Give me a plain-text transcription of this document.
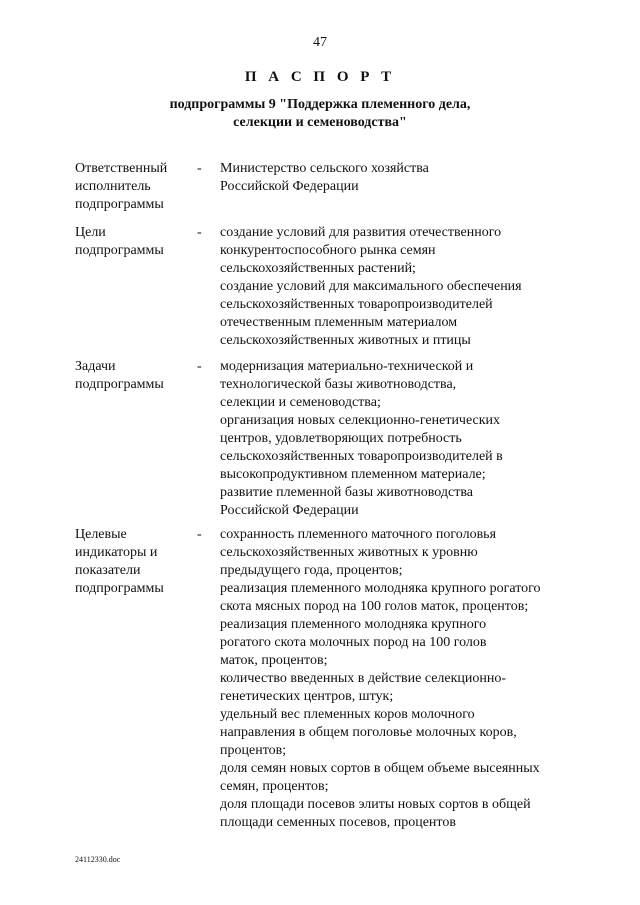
47
П А С П О Р Т
подпрограммы 9 "Поддержка племенного дела,
селекции и семеноводства"
Ответственный
исполнитель
подпрограммы
-	Министерство сельского хозяйства
Российской Федерации
Цели
подпрограммы
-	создание условий для развития отечественного
конкурентоспособного рынка семян
сельскохозяйственных растений;
создание условий для максимального обеспечения
сельскохозяйственных товаропроизводителей
отечественным племенным материалом
сельскохозяйственных животных и птицы
Задачи
подпрограммы
-	модернизация материально-технической и
технологической базы животноводства,
селекции и семеноводства;
организация новых селекционно-генетических
центров, удовлетворяющих потребность
сельскохозяйственных товаропроизводителей в
высокопродуктивном племенном материале;
развитие племенной базы животноводства
Российской Федерации
Целевые
индикаторы и
показатели
подпрограммы
-	сохранность племенного маточного поголовья
сельскохозяйственных животных к уровню
предыдущего года, процентов;
реализация племенного молодняка крупного рогатого
скота мясных пород на 100 голов маток, процентов;
реализация племенного молодняка крупного
рогатого скота молочных пород на 100 голов
маток, процентов;
количество введенных в действие селекционно-
генетических центров, штук;
удельный вес племенных коров молочного
направления в общем поголовье молочных коров,
процентов;
доля семян новых сортов в общем объеме высеянных
семян, процентов;
доля площади посевов элиты новых сортов в общей
площади семенных посевов, процентов
24112330.doc
